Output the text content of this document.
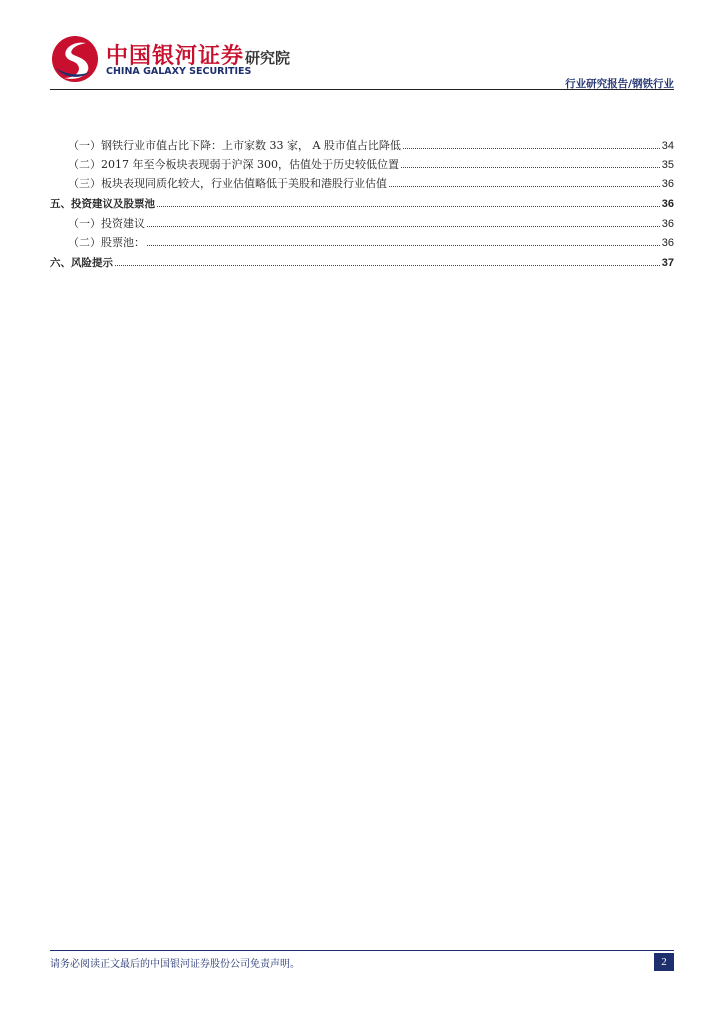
中国银河证券
CHINA GALAXY SECURITIES
研究院
行业研究报告/钢铁行业
（一）钢铁行业市值占比下降：上市家数 33 家， A 股市值占比降低	34
（二）2017 年至今板块表现弱于沪深 300，估值处于历史较低位置	35
（三）板块表现同质化较大，行业估值略低于美股和港股行业估值	36
五、投资建议及股票池	36
（一）投资建议	36
（二）股票池：	36
六、风险提示	37
请务必阅读正文最后的中国银河证券股份公司免责声明。	2
